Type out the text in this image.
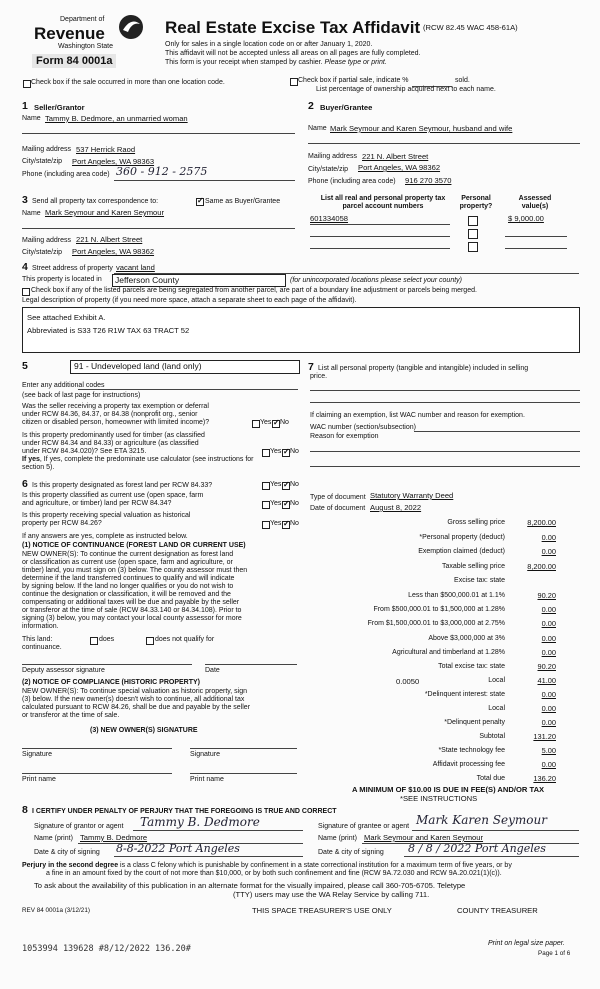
Department of
Revenue
Washington State
Form 84 0001a
Real Estate Excise Tax Affidavit (RCW 82.45 WAC 458-61A)
Only for sales in a single location code on or after January 1, 2020.
This affidavit will not be accepted unless all areas on all pages are fully completed.
This form is your receipt when stamped by cashier. Please type or print.
Check box if the sale occurred in more than one location code.	Check box if partial sale, indicate %	sold.
List percentage of ownership acquired next to each name.
1 Seller/Grantor
Name Tammy B. Dedmore, an unmarried woman
Mailing address 537 Herrick Raod
City/state/zip Port Angeles, WA 98363
Phone (including area code) 360 - 912 - 2575
2 Buyer/Grantee
Name Mark Seymour and Karen Seymour, husband and wife
Mailing address 221 N. Albert Street
City/state/zip Port Angeles, WA 98362
Phone (including area code) 916 270 3570
3 Send all property tax correspondence to: ✓	Same as Buyer/Grantee
Name Mark Seymour and Karen Seymour
Mailing address 221 N. Albert Street
City/state/zip Port Angeles, WA 98362
List all real and personal property tax parcel account numbers
Personal property?
Assessed value(s)
601334058	$ 9,000.00
4 Street address of property vacant land
This property is located in Jefferson County	(for unincorporated locations please select your county)
Check box if any of the listed parcels are being segregated from another parcel, are part of a boundary line adjustment or parcels being merged.
Legal description of property (if you need more space, attach a separate sheet to each page of the affidavit).
See attached Exhibit A.
Abbreviated is S33 T26 R1W TAX 63 TRACT 52
5	91 - Undeveloped land (land only)
Enter any additional codes
(see back of last page for instructions)
Was the seller receiving a property tax exemption or deferral
under RCW 84.36, 84.37, or 84.38 (nonprofit org., senior
citizen or disabled person, homeowner with limited income)?	Yes ✓ No
Is this property predominantly used for timber (as classified
under RCW 84.34 and 84.33) or agriculture (as classified
under RCW 84.34.020)? See ETA 3215.	Yes ✓ No
If yes, If yes, complete the predominate use calculator (see instructions for
section 5).
6 Is this property designated as forest land per RCW 84.33?	Yes ✓ No
Is this property classified as current use (open space, farm
and agriculture, or timber) land per RCW 84.34?	Yes ✓ No
Is this property receiving special valuation as historical
property per RCW 84.26?	Yes ✓ No
If any answers are yes, complete as instructed below.
(1) NOTICE OF CONTINUANCE (FOREST LAND OR CURRENT USE)
NEW OWNER(S): To continue the current designation as forest land
or classification as current use (open space, farm and agriculture, or
timber) land, you must sign on (3) below. The county assessor must then
determine if the land transferred continues to qualify and will indicate
by signing below. If the land no longer qualifies or you do not wish to
continue the designation or classification, it will be removed and the
compensating or additional taxes will be due and payable by the seller
or transferor at the time of sale (RCW 84.33.140 or 84.34.108). Prior to
signing (3) below, you may contact your local county assessor for more
information.
This land:	does	does not qualify for
continuance.
Deputy assessor signature	Date
(2) NOTICE OF COMPLIANCE (HISTORIC PROPERTY)
NEW OWNER(S): To continue special valuation as historic property, sign
(3) below. If the new owner(s) doesn't wish to continue, all additional tax
calculated pursuant to RCW 84.26, shall be due and payable by the seller
or transferor at the time of sale.
(3) NEW OWNER(S) SIGNATURE
Signature	Signature
Print name	Print name
7 List all personal property (tangible and intangible) included in selling
price.
If claiming an exemption, list WAC number and reason for exemption.
WAC number (section/subsection)
Reason for exemption
Type of document Statutory Warranty Deed
Date of document August 8, 2022
Gross selling price	8,200.00
*Personal property (deduct)	0.00
Exemption claimed (deduct)	0.00
Taxable selling price	8,200.00
Excise tax: state
Less than $500,000.01 at 1.1%	90.20
From $500,000.01 to $1,500,000 at 1.28%	0.00
From $1,500,000.01 to $3,000,000 at 2.75%	0.00
Above $3,000,000 at 3%	0.00
Agricultural and timberland at 1.28%	0.00
Total excise tax: state	90.20
0.0050	Local	41.00
*Delinquent interest: state	0.00
Local	0.00
*Delinquent penalty	0.00
Subtotal	131.20
*State technology fee	5.00
Affidavit processing fee	0.00
Total due	136.20
A MINIMUM OF $10.00 IS DUE IN FEE(S) AND/OR TAX
*SEE INSTRUCTIONS
8 I CERTIFY UNDER PENALTY OF PERJURY THAT THE FOREGOING IS TRUE AND CORRECT
Signature of grantor or agent Tammy B. Dedmore
Name (print) Tammy B. Dedmore
Date & city of signing 8-8-2022 Port Angeles
Signature of grantee or agent Mark Karen Seymour
Name (print) Mark Seymour and Karen Seymour
Date & city of signing 8 / 8 / 2022 Port Angeles
Perjury in the second degree is a class C felony which is punishable by confinement in a state correctional institution for a maximum term of five years, or by
a fine in an amount fixed by the court of not more than $10,000, or by both such confinement and fine (RCW 9A.72.030 and RCW 9A.20.021(1)(c)).
To ask about the availability of this publication in an alternate format for the visually impaired, please call 360-705-6705. Teletype
(TTY) users may use the WA Relay Service by calling 711.
REV 84 0001a (3/12/21)	THIS SPACE TREASURER'S USE ONLY	COUNTY TREASURER
1053994 139628 #8/12/2022 136.20#
Print on legal size paper.
Page 1 of 6
